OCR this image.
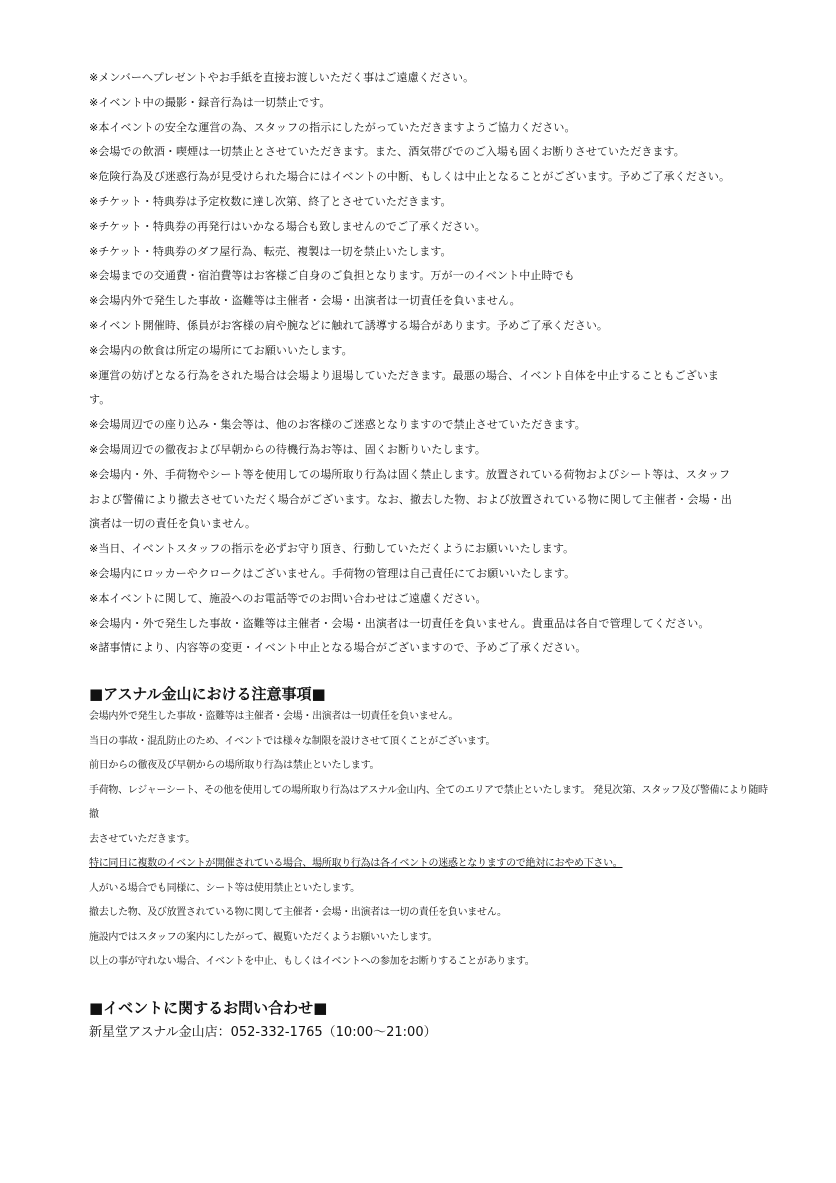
※メンバーへプレゼントやお手紙を直接お渡しいただく事はご遠慮ください。
※イベント中の撮影・録音行為は一切禁止です。
※本イベントの安全な運営の為、スタッフの指示にしたがっていただきますようご協力ください。
※会場での飲酒・喫煙は一切禁止とさせていただきます。また、酒気帯びでのご入場も固くお断りさせていただきます。
※危険行為及び迷惑行為が見受けられた場合にはイベントの中断、もしくは中止となることがございます。予めご了承ください。
※チケット・特典券は予定枚数に達し次第、終了とさせていただきます。
※チケット・特典券の再発行はいかなる場合も致しませんのでご了承ください。
※チケット・特典券のダフ屋行為、転売、複製は一切を禁止いたします。
※会場までの交通費・宿泊費等はお客様ご自身のご負担となります。万が一のイベント中止時でも
※会場内外で発生した事故・盗難等は主催者・会場・出演者は一切責任を負いません。
※イベント開催時、係員がお客様の肩や腕などに触れて誘導する場合があります。予めご了承ください。
※会場内の飲食は所定の場所にてお願いいたします。
※運営の妨げとなる行為をされた場合は会場より退場していただきます。最悪の場合、イベント自体を中止することもございま
す。
※会場周辺での座り込み・集会等は、他のお客様のご迷惑となりますので禁止させていただきます。
※会場周辺での徹夜および早朝からの待機行為お等は、固くお断りいたします。
※会場内・外、手荷物やシート等を使用しての場所取り行為は固く禁止します。放置されている荷物およびシート等は、スタッフ
および警備により撤去させていただく場合がございます。なお、撤去した物、および放置されている物に関して主催者・会場・出
演者は一切の責任を負いません。
※当日、イベントスタッフの指示を必ずお守り頂き、行動していただくようにお願いいたします。
※会場内にロッカーやクロークはございません。手荷物の管理は自己責任にてお願いいたします。
※本イベントに関して、施設へのお電話等でのお問い合わせはご遠慮ください。
※会場内・外で発生した事故・盗難等は主催者・会場・出演者は一切責任を負いません。貴重品は各自で管理してください。
※諸事情により、内容等の変更・イベント中止となる場合がございますので、予めご了承ください。
■アスナル金山における注意事項■
会場内外で発生した事故・盗難等は主催者・会場・出演者は一切責任を負いません。
当日の事故・混乱防止のため、イベントでは様々な制限を設けさせて頂くことがございます。
前日からの徹夜及び早朝からの場所取り行為は禁止といたします。
手荷物、レジャーシート、その他を使用しての場所取り行為はアスナル金山内、全てのエリアで禁止といたします。 発見次第、スタッフ及び警備により随時撤
去させていただきます。
特に同日に複数のイベントが開催されている場合、場所取り行為は各イベントの迷惑となりますので絶対におやめ下さい。
人がいる場合でも同様に、シート等は使用禁止といたします。
撤去した物、及び放置されている物に関して主催者・会場・出演者は一切の責任を負いません。
施設内ではスタッフの案内にしたがって、観覧いただくようお願いいたします。
以上の事が守れない場合、イベントを中止、もしくはイベントへの参加をお断りすることがあります。
■イベントに関するお問い合わせ■
新星堂アスナル金山店：052-332-1765（10:00～21:00）
